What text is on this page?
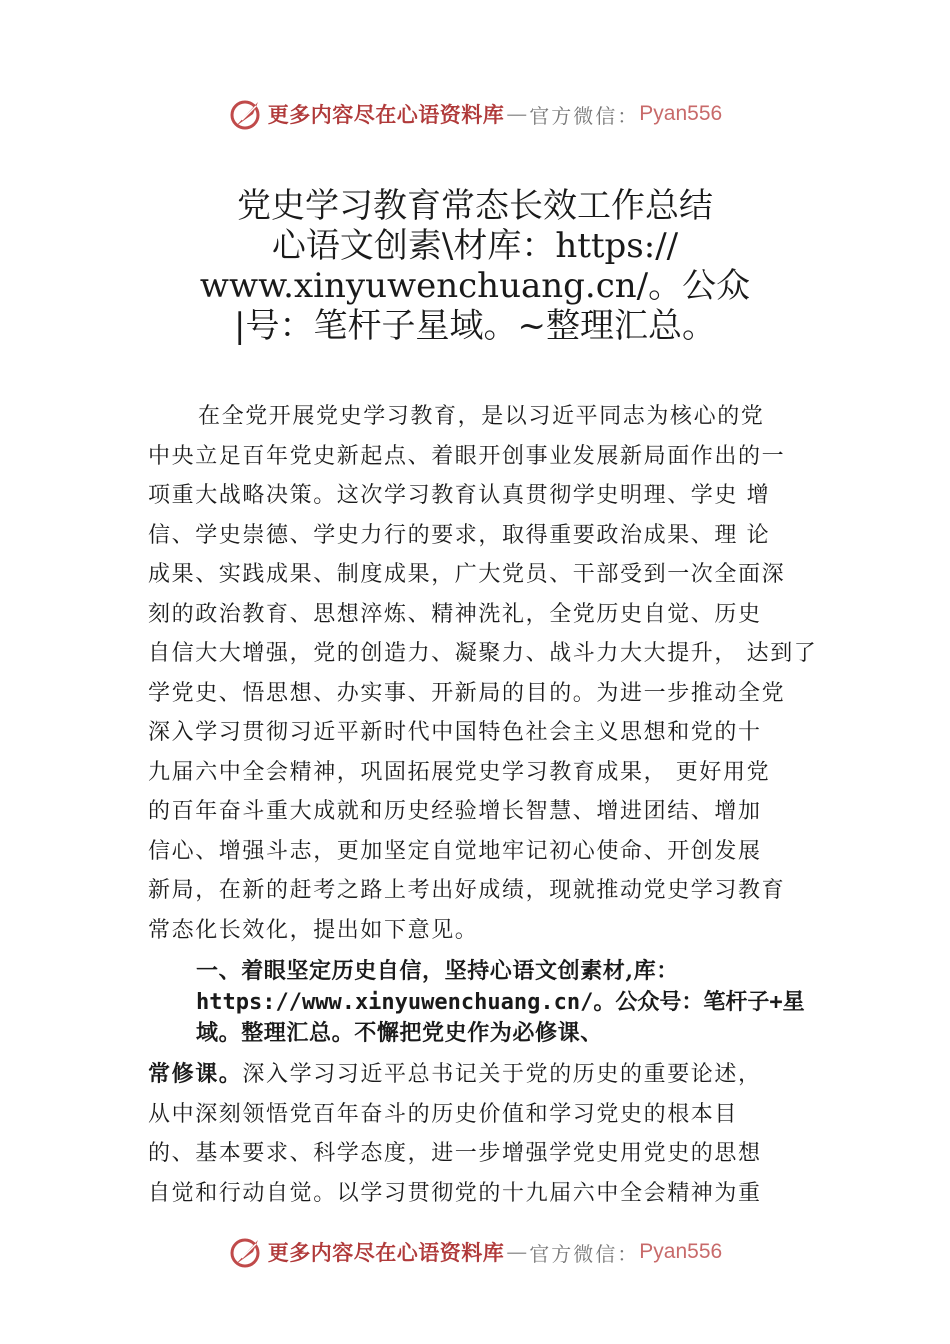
更多内容尽在心语资料库 — 官方微信： Pyan556
党史学习教育常态长效工作总结
心语文创素\材库：https://
www.xinyuwenchuang.cn/。公众
|号：笔杆子星域。~整理汇总。
在全党开展党史学习教育，是以习近平同志为核心的党
中央立足百年党史新起点、着眼开创事业发展新局面作出的一
项重大战略决策。这次学习教育认真贯彻学史明理、学史 增
信、学史崇德、学史力行的要求，取得重要政治成果、理 论
成果、实践成果、制度成果，广大党员、干部受到一次全面深
刻的政治教育、思想淬炼、精神洗礼，全党历史自觉、历史
自信大大增强，党的创造力、凝聚力、战斗力大大提升， 达到了
学党史、悟思想、办实事、开新局的目的。为进一步推动全党
深入学习贯彻习近平新时代中国特色社会主义思想和党的十
九届六中全会精神，巩固拓展党史学习教育成果， 更好用党
的百年奋斗重大成就和历史经验增长智慧、增进团结、增加
信心、增强斗志，更加坚定自觉地牢记初心使命、开创发展
新局，在新的赶考之路上考出好成绩，现就推动党史学习教育
常态化长效化，提出如下意见。
一、着眼坚定历史自信，坚持心语文创素材,库：
https://www.xinyuwenchuang.cn/。公众号：笔杆子+星
域。整理汇总。不懈把党史作为必修课、
常修课。深入学习习近平总书记关于党的历史的重要论述，
从中深刻领悟党百年奋斗的历史价值和学习党史的根本目
的、基本要求、科学态度，进一步增强学党史用党史的思想
自觉和行动自觉。以学习贯彻党的十九届六中全会精神为重
更多内容尽在心语资料库 — 官方微信： Pyan556
